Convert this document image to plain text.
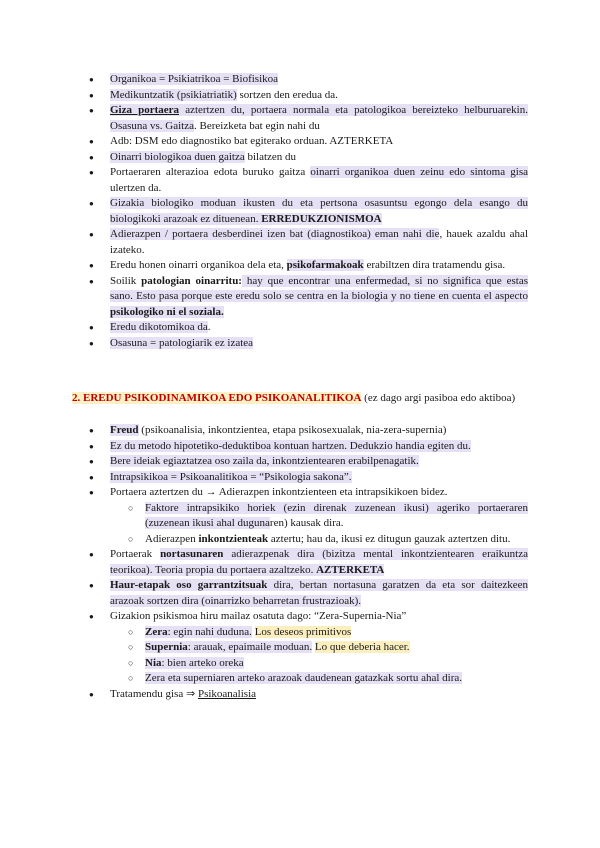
● Organikoa = Psikiatrikoa = Biofisikoa
● Medikuntzatik (psikiatriatik) sortzen den eredua da.
● Giza portaera aztertzen du, portaera normala eta patologikoa bereizteko helburuarekin. Osasuna vs. Gaitza. Bereizketa bat egin nahi du
● Adb: DSM edo diagnostiko bat egiterako orduan. AZTERKETA
● Oinarri biologikoa duen gaitza bilatzen du
● Portaeraren alterazioa edota buruko gaitza oinarri organikoa duen zeinu edo sintoma gisa ulertzen da.
● Gizakia biologiko moduan ikusten du eta pertsona osasuntsu egongo dela esango du biologikoki arazoak ez dituenean. ERREDUKZIONISMOA
● Adierazpen / portaera desberdinei izen bat (diagnostikoa) eman nahi die, hauek azaldu ahal izateko.
● Eredu honen oinarri organikoa dela eta, psikofarmakoak erabiltzen dira tratamendu gisa.
● Soilik patologian oinarritu: hay que encontrar una enfermedad, si no significa que estas sano. Esto pasa porque este eredu solo se centra en la biologia y no tiene en cuenta el aspecto psikologiko ni el soziala.
● Eredu dikotomikoa da.
● Osasuna = patologiarik ez izatea
2. EREDU PSIKODINAMIKOA EDO PSIKOANALITIKOA (ez dago argi pasiboa edo aktiboa)
● Freud (psikoanalisia, inkontzientea, etapa psikosexualak, nia-zera-supernia)
● Ez du metodo hipotetiko-deduktiboa kontuan hartzen. Dedukzio handia egiten du.
● Bere ideiak egiaztatzea oso zaila da, inkontzientearen erabilpenagatik.
● Intrapsikikoa = Psikoanalitikoa = “Psikologia sakona”.
● Portaera aztertzen du → Adierazpen inkontzienteen eta intrapsikikoen bidez.
○ Faktore intrapsikiko horiek (ezin direnak zuzenean ikusi) ageriko portaeraren (zuzenean ikusi ahal dugunaren) kausak dira.
○ Adierazpen inkontzienteak aztertu; hau da, ikusi ez ditugun gauzak aztertzen ditu.
● Portaerak nortasunaren adierazpenak dira (bizitza mental inkontzientearen eraikuntza teorikoa). Teoria propia du portaera azaltzeko. AZTERKETA
● Haur-etapak oso garrantzitsuak dira, bertan nortasuna garatzen da eta sor daitezkeen arazoak sortzen dira (oinarrizko beharretan frustrazioak).
● Gizakion psikismoa hiru mailaz osatuta dago: “Zera-Supernia-Nia”
○ Zera: egin nahi duduna. Los deseos primitivos
○ Supernia: arauak, epaimaile moduan. Lo que deberia hacer.
○ Nia: bien arteko oreka
○ Zera eta superniaren arteko arazoak daudenean gatazkak sortu ahal dira.
● Tratamendu gisa ⇒ Psikoanalisia
